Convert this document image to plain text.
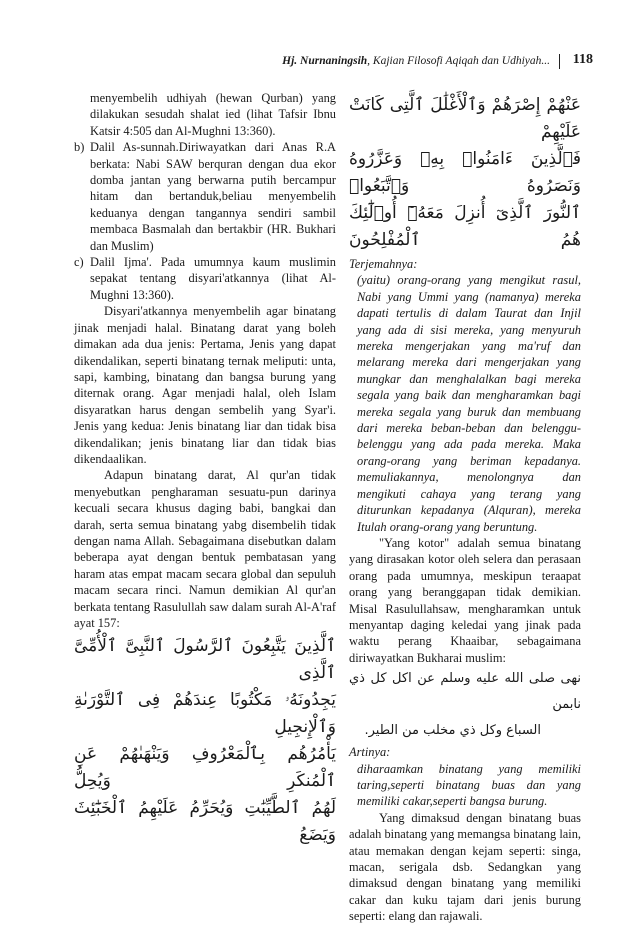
Hj. Nurnaningsih, Kajian Filosofi Aqiqah dan Udhiyah... 118

menyembelih udhiyah (hewan Qurban) yang dilakukan sesudah shalat ied (lihat Tafsir Ibnu Katsir 4:505 dan Al-Mughni 13:360).

b) Dalil As-sunnah.Diriwayatkan dari Anas R.A berkata: Nabi SAW berquran dengan dua ekor domba jantan yang berwarna putih bercampur hitam dan bertanduk,beliau menyembelih keduanya dengan tangannya sendiri sambil membaca Basmalah dan bertakbir (HR. Bukhari dan Muslim)
c) Dalil Ijma'. Pada umumnya kaum muslimin sepakat tentang disyari'atkannya (lihat Al-Mughni 13:360).

Disyari'atkannya menyembelih agar binatang jinak menjadi halal. Binatang darat yang boleh dimakan ada dua jenis: Pertama, Jenis yang dapat dikendalikan, seperti binatang ternak meliputi: unta, sapi, kambing, binatang dan bangsa burung yang diternak orang. Agar menjadi halal, oleh Islam disyaratkan harus dengan sembelih yang Syar'i. Jenis yang kedua: Jenis binatang liar dan tidak bisa dikendalikan; jenis binatang liar dan tidak bias dikendaalikan.

Adapun binatang darat, Al qur'an tidak menyebutkan pengharaman sesuatu-pun darinya kecuali secara khusus daging babi, bangkai dan darah, serta semua binatang yabg disembelih tidak dengan nama Allah. Sebagaimana disebutkan dalam beberapa ayat dengan bentuk pembatasan yang haram atas empat macam secara global dan sepuluh macam secara rinci. Namun demikian Al qur'an berkata tentang Rasulullah saw dalam surah Al-A'raf ayat 157:

ٱلَّذِينَ يَتَّبِعُونَ ٱلرَّسُولَ ٱلنَّبِىَّ ٱلْأُمِّىَّ ٱلَّذِى
يَجِدُونَهُۥ مَكْتُوبًا عِندَهُمْ فِى ٱلتَّوْرَىٰةِ وَٱلْإِنجِيلِ
يَأْمُرُهُم بِٱلْمَعْرُوفِ وَيَنْهَىٰهُمْ عَنِ ٱلْمُنكَرِ وَيُحِلُّ
لَهُمُ ٱلطَّيِّبَٰتِ وَيُحَرِّمُ عَلَيْهِمُ ٱلْخَبَٰٓئِثَ وَيَضَعُ
عَنْهُمْ إِصْرَهُمْ وَٱلْأَغْلَٰلَ ٱلَّتِى كَانَتْ عَلَيْهِمْ
فَٱلَّذِينَ ءَامَنُوا۟ بِهِۦ وَعَزَّرُوهُ وَنَصَرُوهُ وَٱتَّبَعُوا۟
ٱلنُّورَ ٱلَّذِىٓ أُنزِلَ مَعَهُۥٓ أُو۟لَٰٓئِكَ هُمُ ٱلْمُفْلِحُونَ

Terjemahnya:

(yaitu) orang-orang yang mengikut rasul, Nabi yang Ummi yang (namanya) mereka dapati tertulis di dalam Taurat dan Injil yang ada di sisi mereka, yang menyuruh mereka mengerjakan yang ma'ruf dan melarang mereka dari mengerjakan yang mungkar dan menghalalkan bagi mereka segala yang baik dan mengharamkan bagi mereka segala yang buruk dan membuang dari mereka beban-beban dan belenggu-belenggu yang ada pada mereka. Maka orang-orang yang beriman kepadanya. memuliakannya, menolongnya dan mengikuti cahaya yang terang yang diturunkan kepadanya (Alquran), mereka Itulah orang-orang yang beruntung.

"Yang kotor" adalah semua binatang yang dirasakan kotor oleh selera dan perasaan orang pada umumnya, meskipun teraapat orang yang beranggapan tidak demikian. Misal Rasulullahsaw, mengharamkan untuk menyantap daging keledai yang jinak pada waktu perang Khaaibar, sebagaimana diriwayatkan Bukharai muslim:

نهى صلى الله عليه وسلم عن اكل كل ذي نابمن
السباع وكل ذي مخلب من الطير.

Artinya:

diharaamkan binatang yang memiliki taring,seperti binatang buas dan yang memiliki cakar,seperti bangsa burung.

Yang dimaksud dengan binatang buas adalah binatang yang memangsa binatang lain, atau memakan dengan kejam seperti: singa, macan, serigala dsb. Sedangkan yang dimaksud dengan binatang yang memiliki cakar dan kuku tajam dari jenis burung seperti: elang dan rajawali.
